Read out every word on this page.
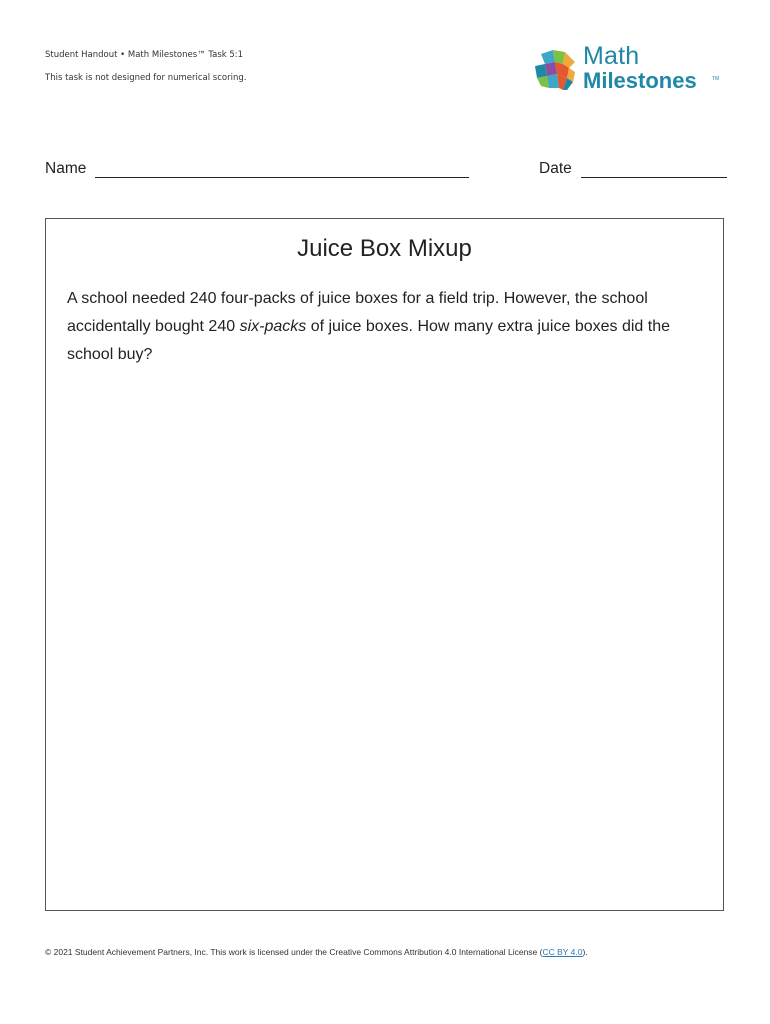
Student Handout • Math Milestones™ Task 5:1
This task is not designed for numerical scoring.
Math
Milestones	TM
Name	Date
Juice Box Mixup
A school needed 240 four-packs of juice boxes for a field trip. However, the school accidentally bought 240 six-packs of juice boxes. How many extra juice boxes did the school buy?
© 2021 Student Achievement Partners, Inc. This work is licensed under the Creative Commons Attribution 4.0 International License (CC BY 4.0).
